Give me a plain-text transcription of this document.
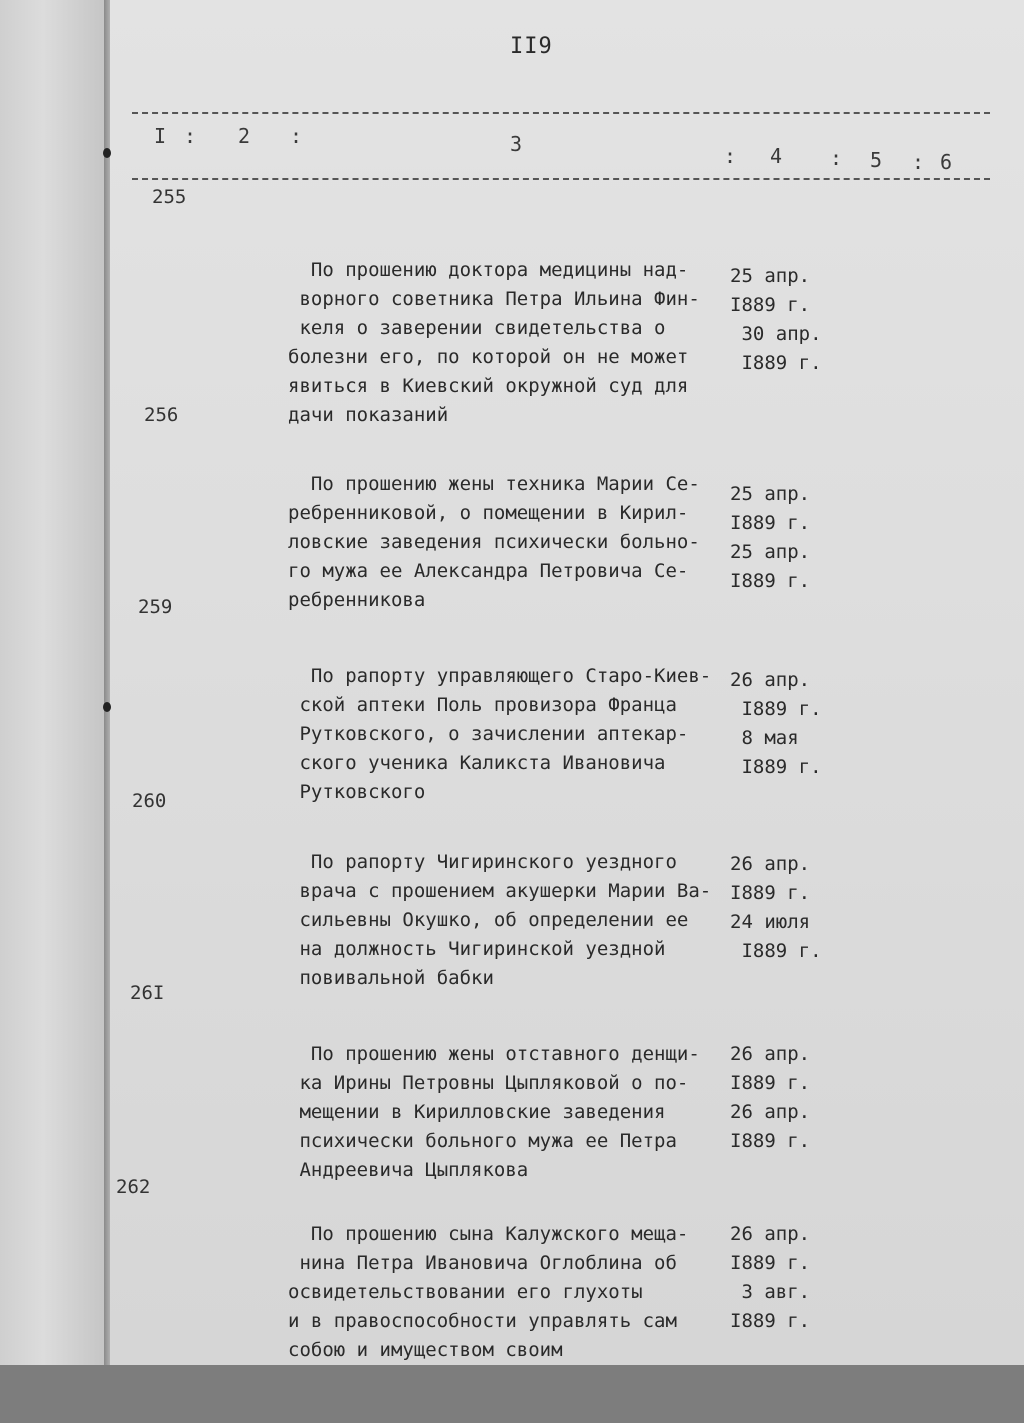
II9
I : 2 :	3	: 4 : 5 : 6
255

По прошению доктора медицины над-
ворного советника Петра Ильина Фин-
келя о заверении свидетельства о
болезни его, по которой он не может
явиться в Киевский окружной суд для
дачи показаний

25 апр.
I889 г.
30 апр.
I889 г.

256

По прошению жены техника Марии Се-
ребренниковой, о помещении в Кирил-
ловские заведения психически больно-
го мужа ее Александра Петровича Се-
ребренникова

25 апр.
I889 г.
25 апр.
I889 г.

259

По рапорту управляющего Старо-Киев-
ской аптеки Поль провизора Франца
Рутковского, о зачислении аптекар-
ского ученика Каликста Ивановича
Рутковского

26 апр.
I889 г.
8 мая
I889 г.

260

По рапорту Чигиринского уездного
врача с прошением акушерки Марии Ва-
сильевны Окушко, об определении ее
на должность Чигиринской уездной
повивальной бабки

26 апр.
I889 г.
24 июля
I889 г.

26I

По прошению жены отставного денщи-
ка Ирины Петровны Цыпляковой о по-
мещении в Кирилловские заведения
психически больного мужа ее Петра
Андреевича Цыплякова

26 апр.
I889 г.
26 апр.
I889 г.

262

По прошению сына Калужского меща-
нина Петра Ивановича Оглоблина об
освидетельствовании его глухоты
и в правоспособности управлять сам
собою и имуществом своим

26 апр.
I889 г.
3 авг.
I889 г.
